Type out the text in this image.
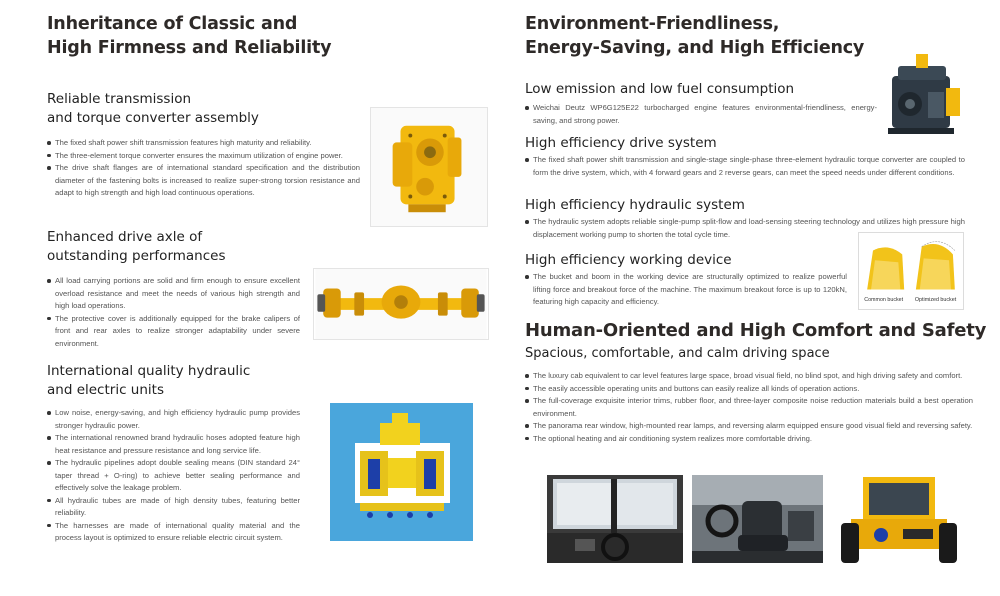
Inheritance of Classic and
High Firmness and Reliability
Reliable transmission
and torque converter assembly
The fixed shaft power shift transmission features high maturity and reliability.
The three-element torque converter ensures the maximum utilization of engine power.
The drive shaft flanges are of international standard specification and the distribution diameter of the fastening bolts is increased to realize super-strong torsion resistance and adapt to high strength and high load continuous operations.
Enhanced drive axle of
outstanding performances
All load carrying portions are solid and firm enough to ensure excellent overload resistance and meet the needs of various high strength and high load operations.
The protective cover is additionally equipped for the brake calipers of front and rear axles to realize stronger adaptability under severe environment.
International quality hydraulic
and electric units
Low noise, energy-saving, and high efficiency hydraulic pump provides stronger hydraulic power.
The international renowned brand hydraulic hoses adopted feature high heat resistance and pressure resistance and long service life.
The hydraulic pipelines adopt double sealing means (DIN standard 24° taper thread + O-ring) to achieve better sealing performance and effectively solve the leakage problem.
All hydraulic tubes are made of high density tubes, featuring better reliability.
The harnesses are made of international quality material and the process layout is optimized to ensure reliable electric circuit system.
Environment-Friendliness,
Energy-Saving, and High Efficiency
Low emission and low fuel consumption
Weichai Deutz WP6G125E22 turbocharged engine features environmental-friendliness, energy-saving, and strong power.
High efficiency drive system
The fixed shaft power shift transmission and single-stage single-phase three-element hydraulic torque converter are coupled to form the drive system, which, with 4 forward gears and 2 reverse gears, can meet the speed needs under different conditions.
High efficiency hydraulic system
The hydraulic system adopts reliable single-pump split-flow and load-sensing steering technology and utilizes high pressure high displacement working pump to shorten the total cycle time.
High efficiency working device
The bucket and boom in the working device are structurally optimized to realize powerful lifting force and breakout force of the machine. The maximum breakout force is up to 120kN, featuring high capacity and efficiency.	Common bucket Optimized bucket
Human-Oriented and High Comfort and Safety
Spacious, comfortable, and calm driving space
The luxury cab equivalent to car level features large space, broad visual field, no blind spot, and high driving safety and comfort.
The easily accessible operating units and buttons can easily realize all kinds of operation actions.
The full-coverage exquisite interior trims, rubber floor, and three-layer composite noise reduction materials build a best operation environment.
The panorama rear window, high-mounted rear lamps, and reversing alarm equipped ensure good visual field and reversing safety.
The optional heating and air conditioning system realizes more comfortable driving.
